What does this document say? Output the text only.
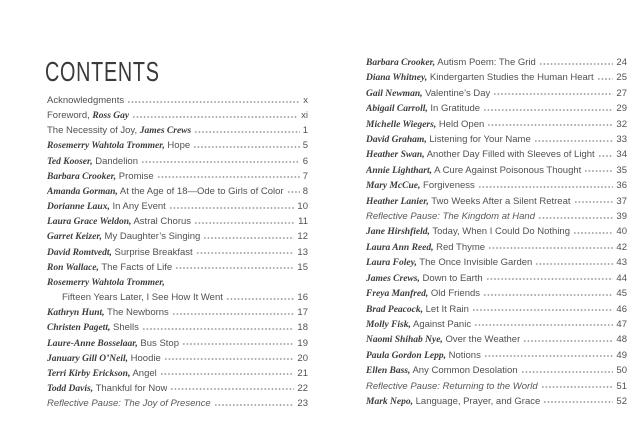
CONTENTS
Acknowledgments	x
Foreword, Ross Gay	xi
The Necessity of Joy, James Crews	1
Rosemerry Wahtola Trommer, Hope	5
Ted Kooser, Dandelion	6
Barbara Crooker, Promise	7
Amanda Gorman, At the Age of 18—Ode to Girls of Color 8
Dorianne Laux, In Any Event	10
Laura Grace Weldon, Astral Chorus	11
Garret Keizer, My Daughter’s Singing	12
David Romtvedt, Surprise Breakfast	13
Ron Wallace, The Facts of Life	15
Rosemerry Wahtola Trommer,
Fifteen Years Later, I See How It Went	16
Kathryn Hunt, The Newborns	17
Christen Pagett, Shells	18
Laure-Anne Bosselaar, Bus Stop	19
January Gill O’Neil, Hoodie	20
Terri Kirby Erickson, Angel	21
Todd Davis, Thankful for Now	22
Reflective Pause: The Joy of Presence	23
Barbara Crooker, Autism Poem: The Grid	24
Diana Whitney, Kindergarten Studies the Human Heart 25
Gail Newman, Valentine’s Day	27
Abigail Carroll, In Gratitude	29
Michelle Wiegers, Held Open	32
David Graham, Listening for Your Name	33
Heather Swan, Another Day Filled with Sleeves of Light 34
Annie Lighthart, A Cure Against Poisonous Thought	35
Mary McCue, Forgiveness	36
Heather Lanier, Two Weeks After a Silent Retreat	37
Reflective Pause: The Kingdom at Hand	39
Jane Hirshfield, Today, When I Could Do Nothing	40
Laura Ann Reed, Red Thyme	42
Laura Foley, The Once Invisible Garden	43
James Crews, Down to Earth	44
Freya Manfred, Old Friends	45
Brad Peacock, Let It Rain	46
Molly Fisk, Against Panic	47
Naomi Shihab Nye, Over the Weather	48
Paula Gordon Lepp, Notions	49
Ellen Bass, Any Common Desolation	50
Reflective Pause: Returning to the World	51
Mark Nepo, Language, Prayer, and Grace	52
